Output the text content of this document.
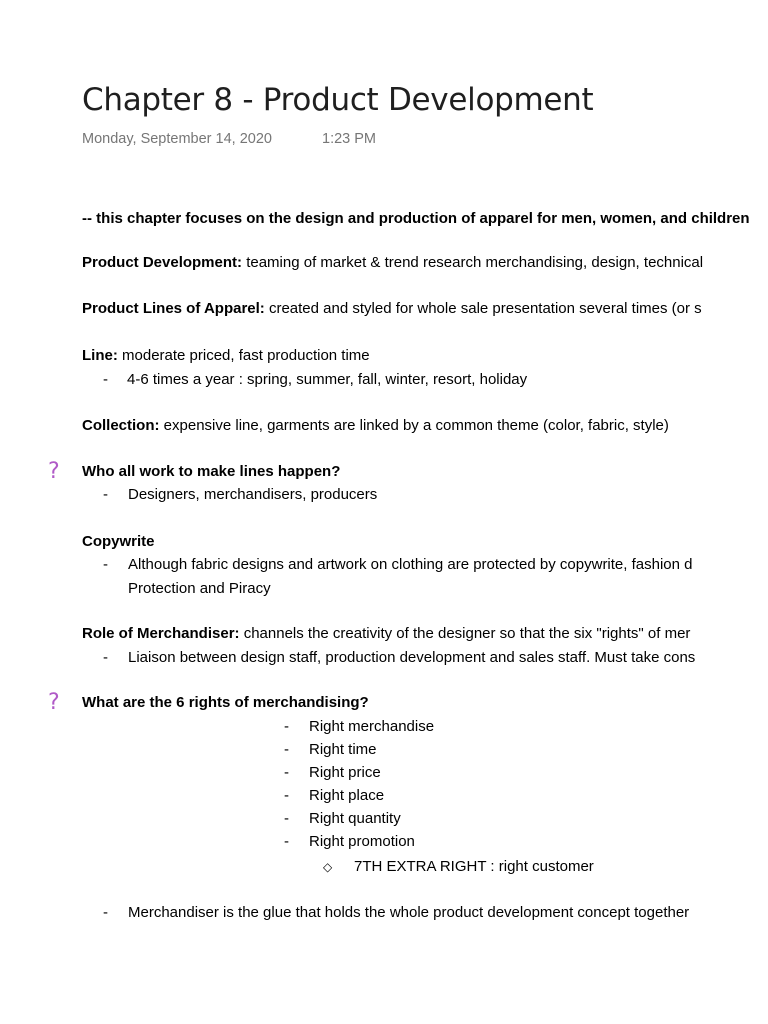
Chapter 8 - Product Development
Monday, September 14, 2020	1:23 PM
-- this chapter focuses on the design and production of apparel for men, women, and children
Product Development: teaming of market & trend research merchandising, design, technical
Product Lines of Apparel: created and styled for whole sale presentation several times (or s
Line: moderate priced, fast production time
- 4-6 times a year : spring, summer, fall, winter, resort, holiday
Collection: expensive line, garments are linked by a common theme (color, fabric, style)
? Who all work to make lines happen?
- Designers, merchandisers, producers
Copywrite
- Although fabric designs and artwork on clothing are protected by copywrite, fashion d
Protection and Piracy
Role of Merchandiser: channels the creativity of the designer so that the six "rights" of mer
- Liaison between design staff, production development and sales staff. Must take cons
? What are the 6 rights of merchandising?
- Right merchandise
- Right time
- Right price
- Right place
- Right quantity
- Right promotion
◇ 7TH EXTRA RIGHT : right customer
- Merchandiser is the glue that holds the whole product development concept together
